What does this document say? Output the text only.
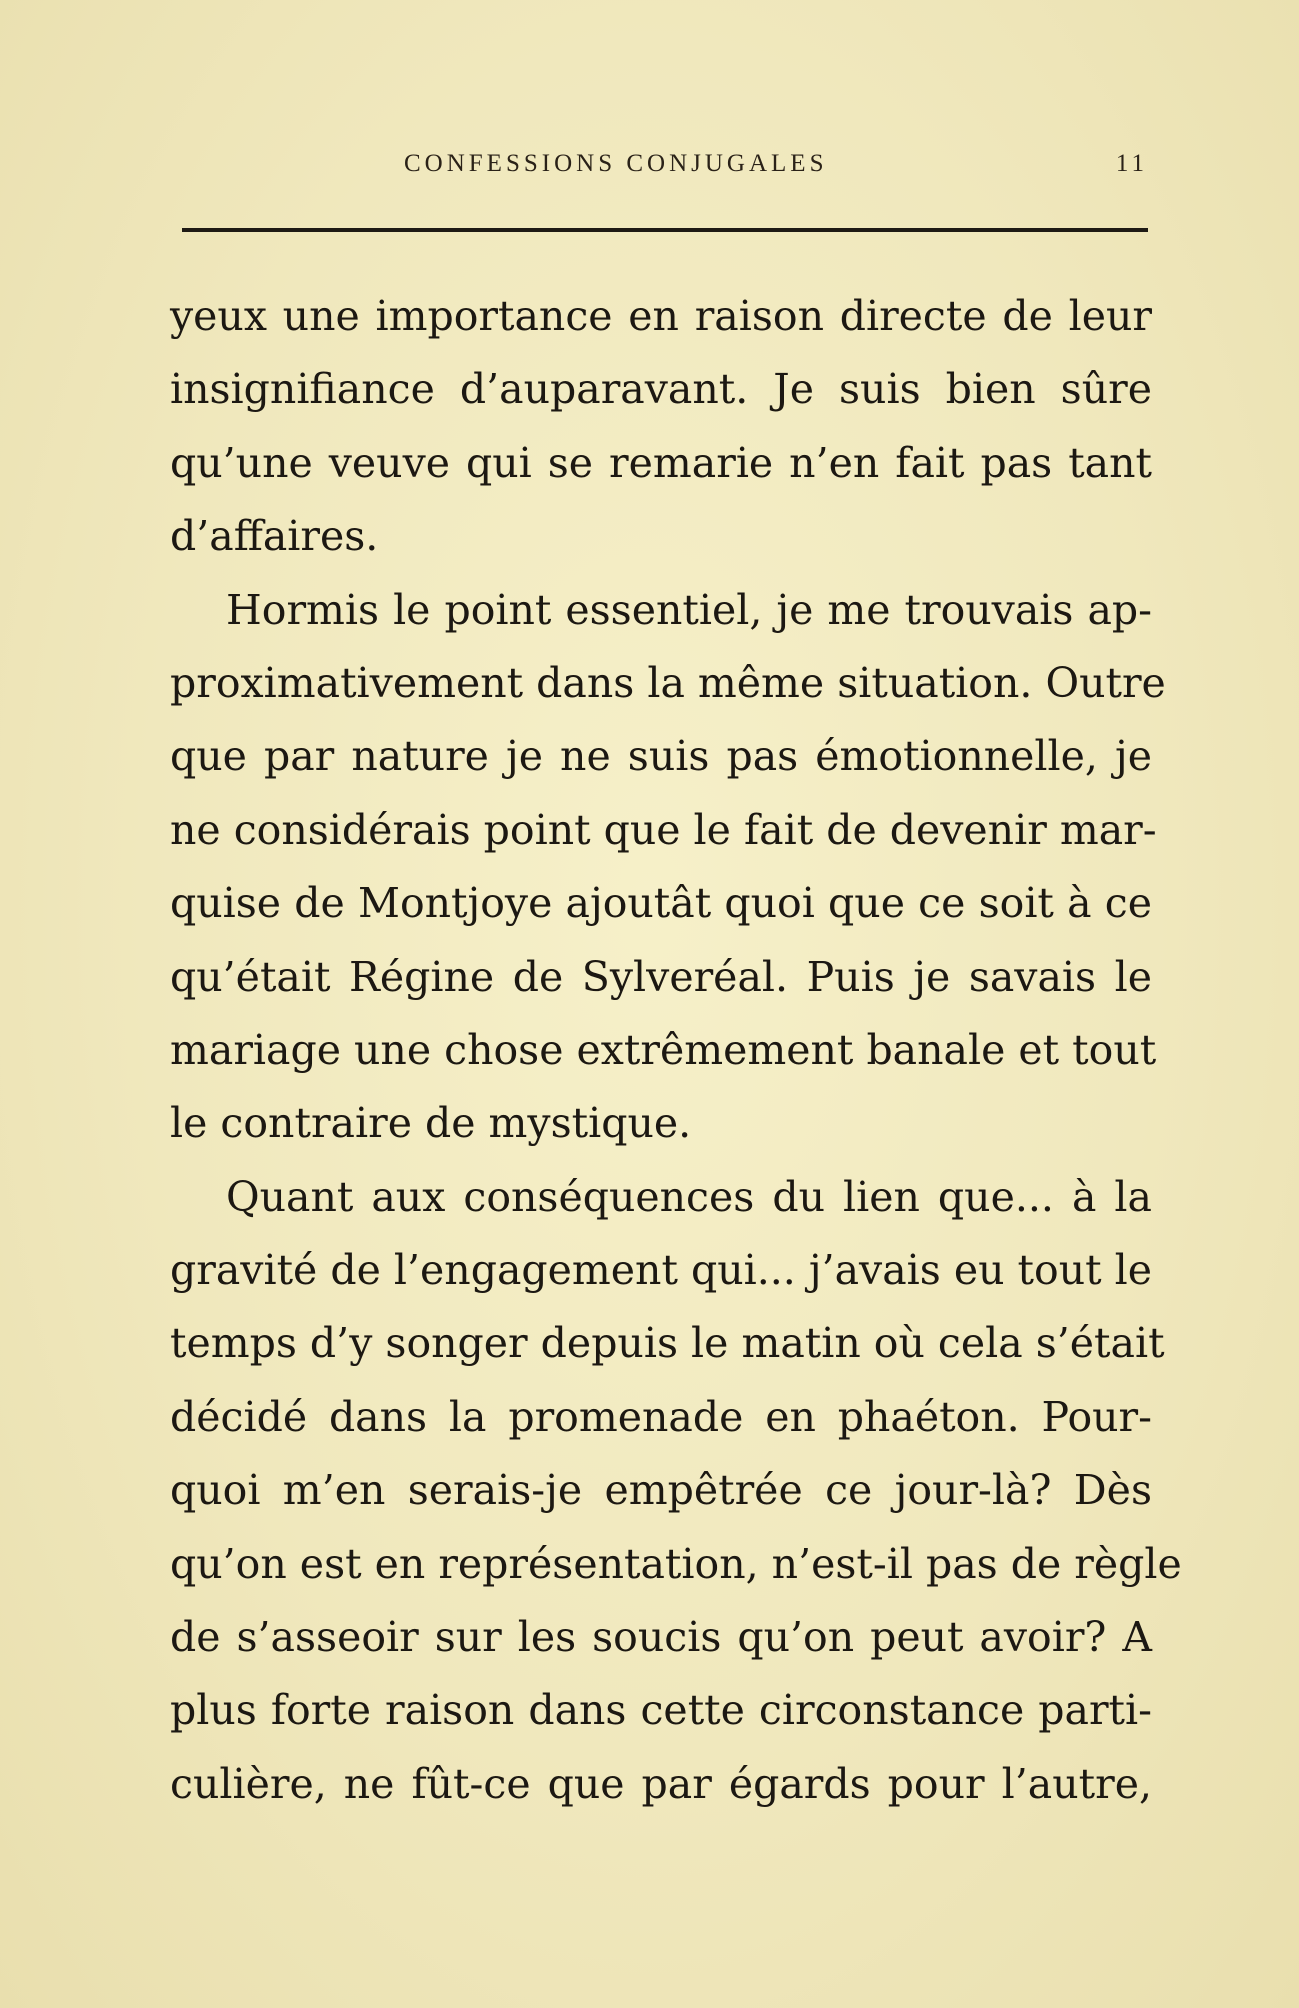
CONFESSIONS CONJUGALES	11
yeux une importance en raison directe de leur
insignifiance d’auparavant. Je suis bien sûre
qu’une veuve qui se remarie n’en fait pas tant
d’affaires.
Hormis le point essentiel, je me trouvais ap-
proximativement dans la même situation. Outre
que par nature je ne suis pas émotionnelle, je
ne considérais point que le fait de devenir mar-
quise de Montjoye ajoutât quoi que ce soit à ce
qu’était Régine de Sylveréal. Puis je savais le
mariage une chose extrêmement banale et tout
le contraire de mystique.
Quant aux conséquences du lien que... à la
gravité de l’engagement qui... j’avais eu tout le
temps d’y songer depuis le matin où cela s’était
décidé dans la promenade en phaéton. Pour-
quoi m’en serais-je empêtrée ce jour-là? Dès
qu’on est en représentation, n’est-il pas de règle
de s’asseoir sur les soucis qu’on peut avoir? A
plus forte raison dans cette circonstance parti-
culière, ne fût-ce que par égards pour l’autre,
